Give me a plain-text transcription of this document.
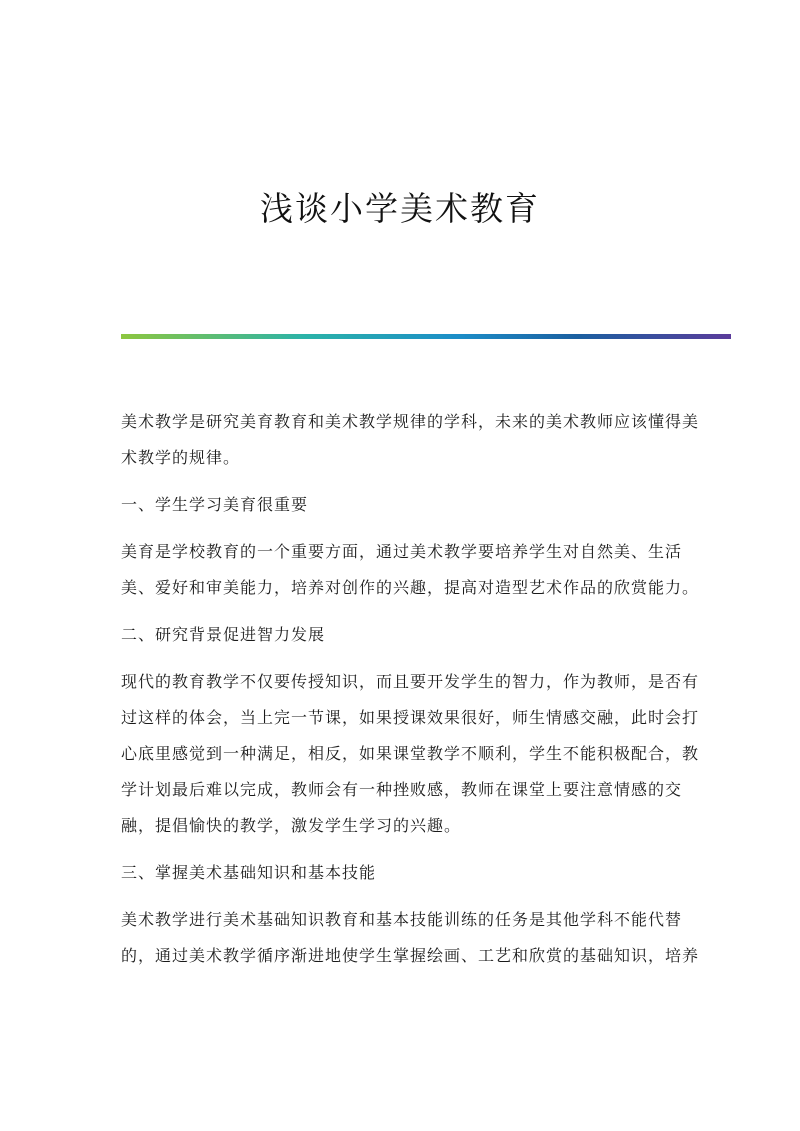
浅谈小学美术教育

美术教学是研究美育教育和美术教学规律的学科，未来的美术教师应该懂得美
术教学的规律。

一、学生学习美育很重要

美育是学校教育的一个重要方面，通过美术教学要培养学生对自然美、生活
美、爱好和审美能力，培养对创作的兴趣，提高对造型艺术作品的欣赏能力。

二、研究背景促进智力发展

现代的教育教学不仅要传授知识，而且要开发学生的智力，作为教师，是否有
过这样的体会，当上完一节课，如果授课效果很好，师生情感交融，此时会打
心底里感觉到一种满足，相反，如果课堂教学不顺利，学生不能积极配合，教
学计划最后难以完成，教师会有一种挫败感，教师在课堂上要注意情感的交
融，提倡愉快的教学，激发学生学习的兴趣。

三、掌握美术基础知识和基本技能

美术教学进行美术基础知识教育和基本技能训练的任务是其他学科不能代替
的，通过美术教学循序渐进地使学生掌握绘画、工艺和欣赏的基础知识，培养
